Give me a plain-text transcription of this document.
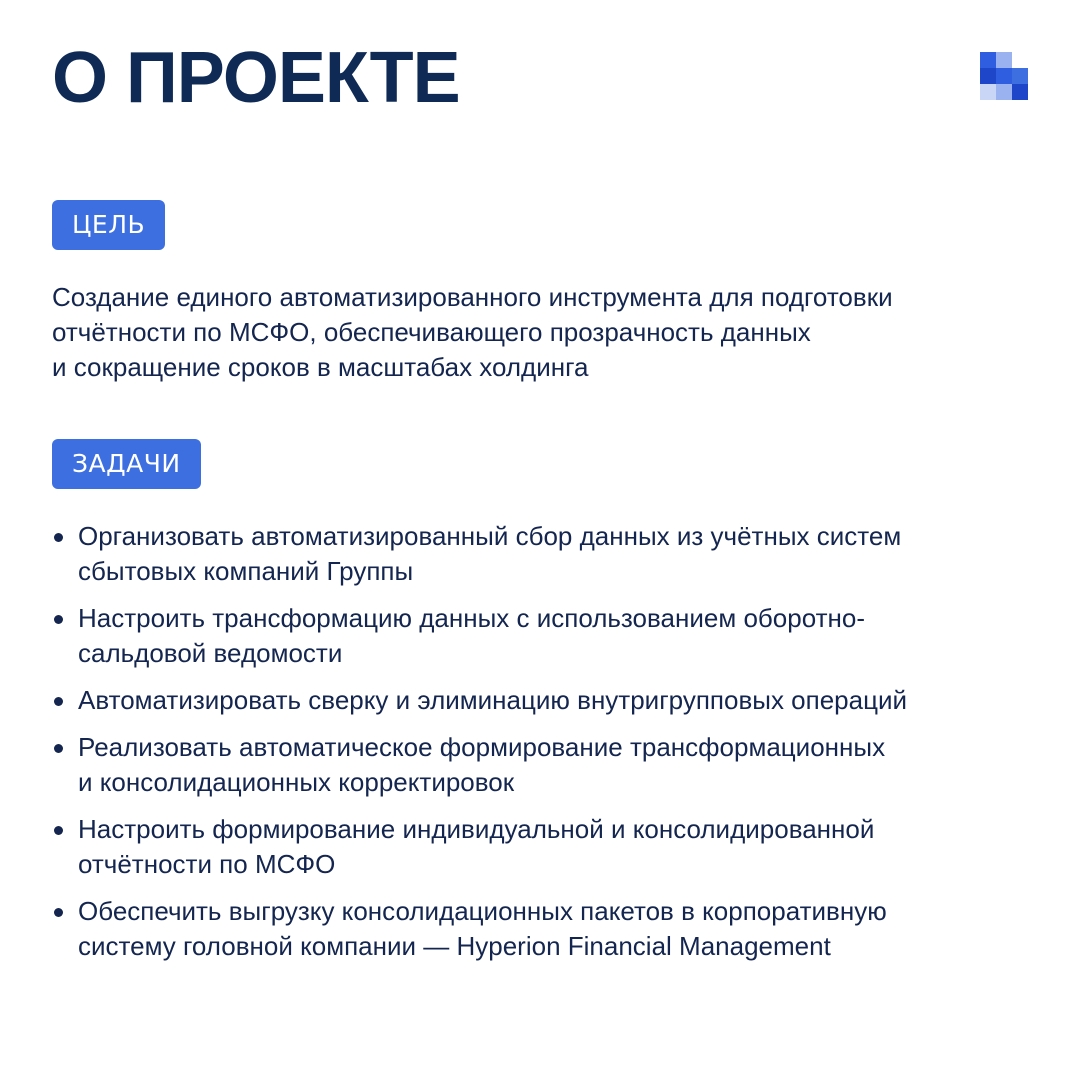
О ПРОЕКТЕ
ЦЕЛЬ

Создание единого автоматизированного инструмента для подготовки
отчётности по МСФО, обеспечивающего прозрачность данных
и сокращение сроков в масштабах холдинга

ЗАДАЧИ
Организовать автоматизированный сбор данных из учётных систем
сбытовых компаний Группы
Настроить трансформацию данных с использованием оборотно-
сальдовой ведомости
Автоматизировать сверку и элиминацию внутригрупповых операций
Реализовать автоматическое формирование трансформационных
и консолидационных корректировок
Настроить формирование индивидуальной и консолидированной
отчётности по МСФО
Обеспечить выгрузку консолидационных пакетов в корпоративную
систему головной компании — Hyperion Financial Management
